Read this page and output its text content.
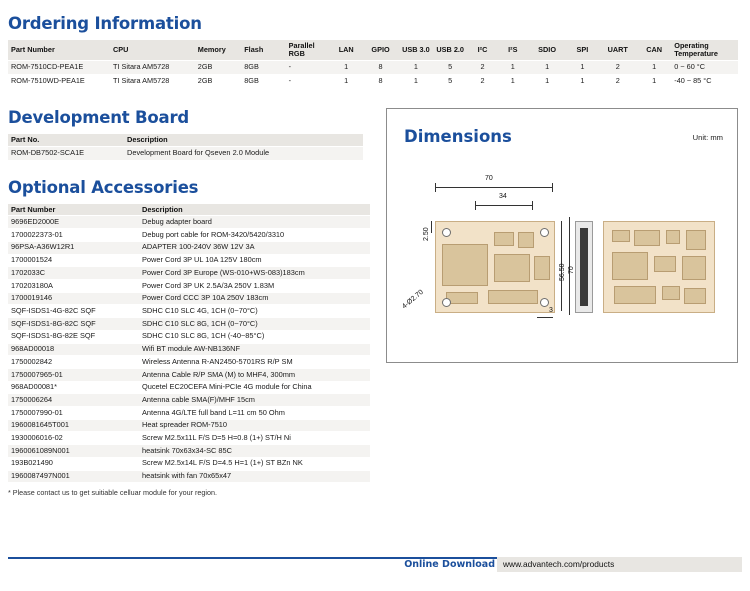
Ordering Information
Part Number	CPU	Memory	Flash	Parallel RGB	LAN	GPIO	USB 3.0	USB 2.0	I²C	I²S	SDIO	SPI	UART	CAN	Operating Temperature
ROM-7510CD-PEA1E	TI Sitara AM5728	2GB	8GB	-	1	8	1	5	2	1	1	1	2	1	0 ~ 60 °C
ROM-7510WD-PEA1E	TI Sitara AM5728	2GB	8GB	-	1	8	1	5	2	1	1	1	2	1	-40 ~ 85 °C
Development Board
Part No.	Description
ROM-DB7502-SCA1E	Development Board for Qseven 2.0 Module
Optional Accessories
Part Number	Description
9696ED2000E	Debug adapter board
1700022373-01	Debug port cable for ROM-3420/5420/3310
96PSA-A36W12R1	ADAPTER 100-240V 36W 12V 3A
1700001524	Power Cord 3P UL 10A 125V 180cm
1702033C	Power Cord 3P Europe (WS-010+WS-083)183cm
170203180A	Power Cord 3P UK 2.5A/3A 250V 1.83M
1700019146	Power Cord CCC 3P 10A 250V 183cm
SQF-ISDS1-4G-82C SQF	SDHC C10 SLC 4G, 1CH (0~70°C)
SQF-ISDS1-8G-82C SQF	SDHC C10 SLC 8G, 1CH (0~70°C)
SQF-ISDS1-8G-82E SQF	SDHC C10 SLC 8G, 1CH (-40~85°C)
968AD00018	Wifi BT module AW-NB136NF
1750002842	Wireless Antenna R-AN2450-5701RS R/P SM
1750007965-01	Antenna Cable R/P SMA (M) to MHF4, 300mm
968AD00081*	Qucetel EC20CEFA Mini-PCIe 4G module for China
1750006264	Antenna cable SMA(F)/MHF 15cm
1750007990-01	Antenna 4G/LTE full band L=11 cm 50 Ohm
1960081645T001	Heat spreader ROM-7510
1930006016-02	Screw M2.5x11L F/S D=5 H=0.8 (1+) ST/H Ni
1960061089N001	heatsink 70x63x34-SC 85C
193B021490	Screw M2.5x14L F/S D=4.5 H=1 (1+) ST BZn NK
1960087497N001	heatsink with fan 70x65x47
* Please contact us to get suitiable celluar module for your region.
Dimensions	Unit: mm
70
34
2.50
56.50 70
3
4-Ø2.70
Online Download www.advantech.com/products
